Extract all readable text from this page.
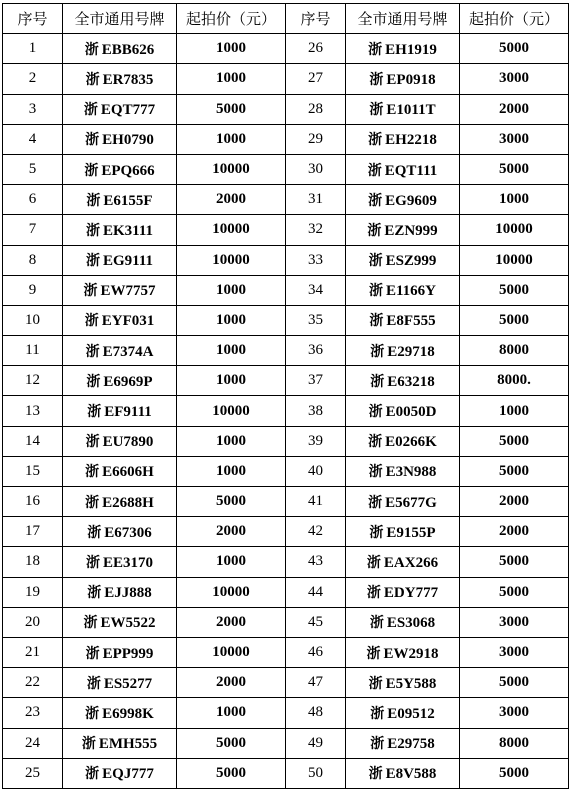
序号	全市通用号牌	起拍价（元）	序号	全市通用号牌	起拍价（元）
1	浙 EBB626	1000	26	浙 EH1919	5000
2	浙 ER7835	1000	27	浙 EP0918	3000
3	浙 EQT777	5000	28	浙 E1011T	2000
4	浙 EH0790	1000	29	浙 EH2218	3000
5	浙 EPQ666	10000	30	浙 EQT111	5000
6	浙 E6155F	2000	31	浙 EG9609	1000
7	浙 EK3111	10000	32	浙 EZN999	10000
8	浙 EG9111	10000	33	浙 ESZ999	10000
9	浙 EW7757	1000	34	浙 E1166Y	5000
10	浙 EYF031	1000	35	浙 E8F555	5000
11	浙 E7374A	1000	36	浙 E29718	8000
12	浙 E6969P	1000	37	浙 E63218	8000.
13	浙 EF9111	10000	38	浙 E0050D	1000
14	浙 EU7890	1000	39	浙 E0266K	5000
15	浙 E6606H	1000	40	浙 E3N988	5000
16	浙 E2688H	5000	41	浙 E5677G	2000
17	浙 E67306	2000	42	浙 E9155P	2000
18	浙 EE3170	1000	43	浙 EAX266	5000
19	浙 EJJ888	10000	44	浙 EDY777	5000
20	浙 EW5522	2000	45	浙 ES3068	3000
21	浙 EPP999	10000	46	浙 EW2918	3000
22	浙 ES5277	2000	47	浙 E5Y588	5000
23	浙 E6998K	1000	48	浙 E09512	3000
24	浙 EMH555	5000	49	浙 E29758	8000
25	浙 EQJ777	5000	50	浙 E8V588	5000
